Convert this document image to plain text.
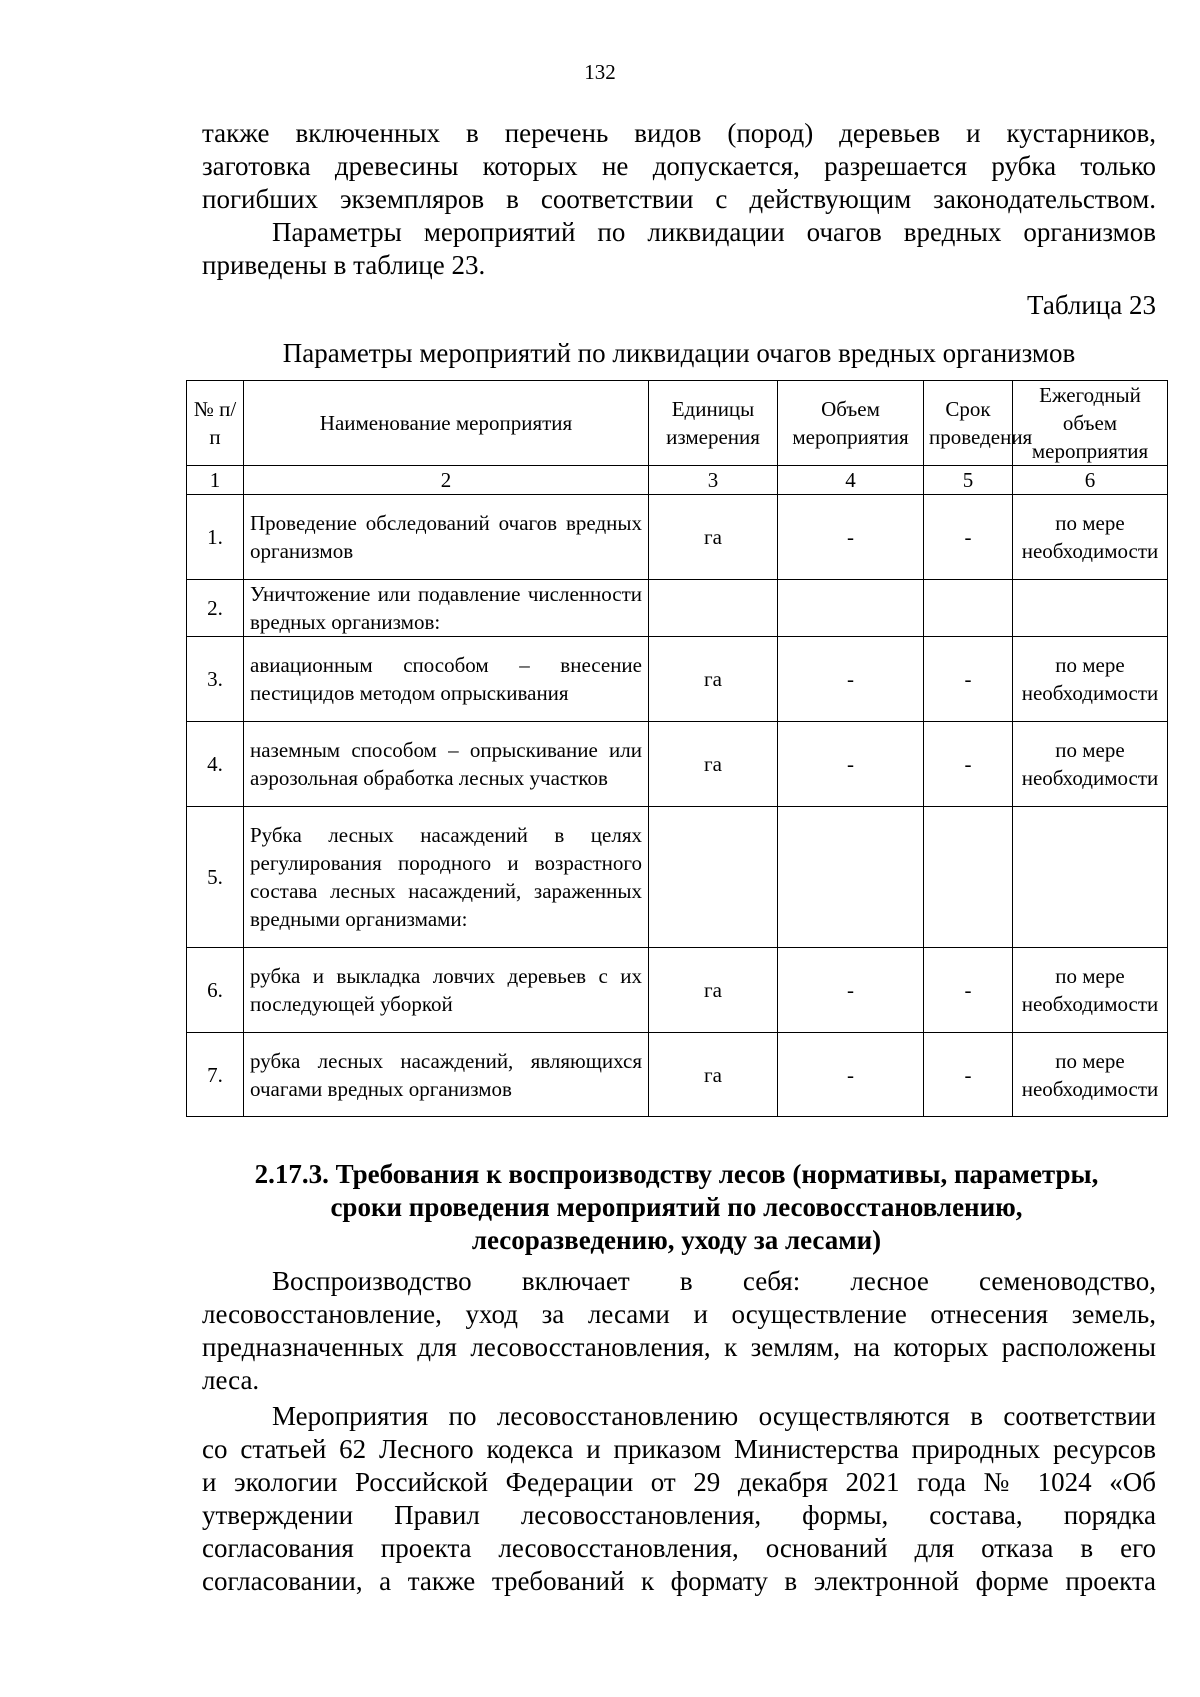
132
также включенных в перечень видов (пород) деревьев и кустарников,
заготовка древесины которых не допускается, разрешается рубка только
погибших экземпляров в соответствии с действующим законодательством.
Параметры мероприятий по ликвидации очагов вредных организмов
приведены в таблице 23.
Таблица 23
Параметры мероприятий по ликвидации очагов вредных организмов
№ п/п	Наименование мероприятия	Единицы измерения	Объем мероприятия	Срок проведения	Ежегодный объем мероприятия
1	2	3	4	5	6
1.	Проведение обследований очагов вредных организмов	га	-	-	по мере необходимости
2.	Уничтожение или подавление численности вредных организмов:				
3.	авиационным способом – внесение пестицидов методом опрыскивания	га	-	-	по мере необходимости
4.	наземным способом – опрыскивание или аэрозольная обработка лесных участков	га	-	-	по мере необходимости
5.	Рубка лесных насаждений в целях регулирования породного и возрастного состава лесных насаждений, зараженных вредными организмами:				
6.	рубка и выкладка ловчих деревьев с их последующей уборкой	га	-	-	по мере необходимости
7.	рубка лесных насаждений, являющихся очагами вредных организмов	га	-	-	по мере необходимости
2.17.3. Требования к воспроизводству лесов (нормативы, параметры,
сроки проведения мероприятий по лесовосстановлению,
лесоразведению, уходу за лесами)
Воспроизводство включает в себя: лесное семеноводство,
лесовосстановление, уход за лесами и осуществление отнесения земель,
предназначенных для лесовосстановления, к землям, на которых расположены
леса.
Мероприятия по лесовосстановлению осуществляются в соответствии
со статьей 62 Лесного кодекса и приказом Министерства природных ресурсов
и экологии Российской Федерации от 29 декабря 2021 года № 1024 «Об
утверждении Правил лесовосстановления, формы, состава, порядка
согласования проекта лесовосстановления, оснований для отказа в его
согласовании, а также требований к формату в электронной форме проекта
